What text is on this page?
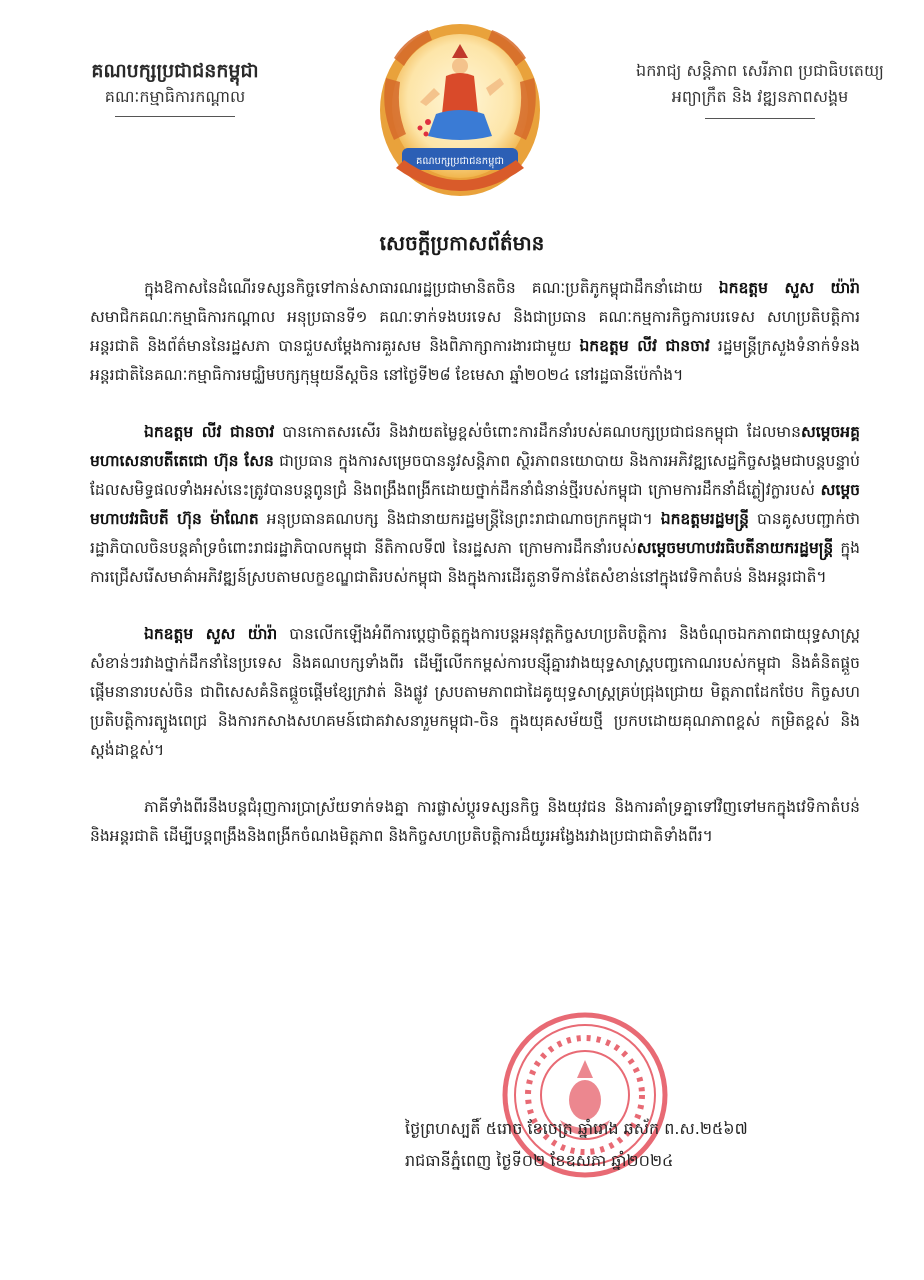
គណបក្សប្រជាជនកម្ពុជា
គណៈកម្មាធិការកណ្ដាល
គណបក្សប្រជាជនកម្ពុជា
ឯករាជ្យ សន្តិភាព សេរីភាព ប្រជាធិបតេយ្យ
អព្យាក្រឹត និង វឌ្ឍនភាពសង្គម
សេចក្តីប្រកាសព័ត៌មាន

ក្នុងឱកាសនៃដំណើរទស្សនកិច្ចទៅកាន់សាធារណរដ្ឋប្រជាមានិតចិន គណៈប្រតិភូកម្ពុជាដឹកនាំដោយ ឯកឧត្តម សួស យ៉ារ៉ា សមាជិកគណៈកម្មាធិការកណ្តាល អនុប្រធានទី១ គណៈទាក់ទងបរទេស និងជាប្រធាន គណៈកម្មការកិច្ចការបរទេស សហប្រតិបត្តិការអន្តរជាតិ និងព័ត៌មាននៃរដ្ឋសភា បានជួបសម្តែងការគួរសម និងពិភាក្សាការងារជាមួយ ឯកឧត្តម លីវ ជានចាវ រដ្ឋមន្ត្រីក្រសួងទំនាក់ទំនងអន្តរជាតិនៃគណៈកម្មាធិការមជ្ឈិមបក្សកុម្មុយនីស្តចិន នៅថ្ងៃទី២៨ ខែមេសា ឆ្នាំ២០២៤ នៅរដ្ឋធានីប៉េកាំង។

ឯកឧត្តម លីវ ជានចាវ បានកោតសរសើរ និងវាយតម្លៃខ្ពស់ចំពោះការដឹកនាំរបស់គណបក្សប្រជាជនកម្ពុជា ដែលមានសម្តេចអគ្គមហាសេនាបតីតេជោ ហ៊ុន សែន ជាប្រធាន ក្នុងការសម្រេចបាននូវសន្តិភាព ស្ថិរភាពនយោបាយ និងការអភិវឌ្ឍសេដ្ឋកិច្ចសង្គមជាបន្តបន្ទាប់ ដែលសមិទ្ធផលទាំងអស់នេះត្រូវបានបន្តពូនជ្រំ និងពង្រឹងពង្រីកដោយថ្នាក់ដឹកនាំជំនាន់ថ្មីរបស់កម្ពុជា ក្រោមការដឹកនាំដ៏ភ្លៀវក្លារបស់ សម្តេចមហាបវរធិបតី ហ៊ុន ម៉ាណែត អនុប្រធានគណបក្ស និងជានាយករដ្ឋមន្ត្រីនៃព្រះរាជាណាចក្រកម្ពុជា។ ឯកឧត្តមរដ្ឋមន្ត្រី បានគូសបញ្ជាក់ថា រដ្ឋាភិបាលចិនបន្តគាំទ្រចំពោះរាជរដ្ឋាភិបាលកម្ពុជា នីតិកាលទី៧ នៃរដ្ឋសភា ក្រោមការដឹកនាំរបស់សម្តេចមហាបវរធិបតីនាយករដ្ឋមន្ត្រី ក្នុងការជ្រើសរើសមាគ៌ាអភិវឌ្ឍន៍ស្របតាមលក្ខខណ្ឌជាតិរបស់កម្ពុជា និងក្នុងការដើរតួនាទីកាន់តែសំខាន់នៅក្នុងវេទិកាតំបន់ និងអន្តរជាតិ។

ឯកឧត្តម សួស យ៉ារ៉ា បានលើកឡើងអំពីការប្តេជ្ញាចិត្តក្នុងការបន្តអនុវត្តកិច្ចសហប្រតិបត្តិការ និងចំណុចឯកភាពជាយុទ្ធសាស្ត្រសំខាន់ៗរវាងថ្នាក់ដឹកនាំនៃប្រទេស និងគណបក្សទាំងពីរ ដើម្បីលើកកម្ពស់ការបន្សុីគ្នារវាងយុទ្ធសាស្ត្របញ្ចកោណរបស់កម្ពុជា និងគំនិតផ្តួចផ្តើមនានារបស់ចិន ជាពិសេសគំនិតផ្តួចផ្តើមខ្សែក្រវាត់ និងផ្លូវ ស្របតាមភាពជាដៃគូយុទ្ធសាស្ត្រគ្រប់ជ្រុងជ្រោយ មិត្តភាពដែកថែប កិច្ចសហប្រតិបត្តិការត្បូងពេជ្រ និងការកសាងសហគមន៍ជោគវាសនារួមកម្ពុជា-ចិន ក្នុងយុគសម័យថ្មី ប្រកបដោយគុណភាពខ្ពស់ កម្រិតខ្ពស់ និងស្តង់ដាខ្ពស់។

ភាគីទាំងពីរនឹងបន្តជំរុញការប្រាស្រ័យទាក់ទងគ្នា ការផ្លាស់ប្តូរទស្សនកិច្ច និងយុវជន និងការគាំទ្រគ្នាទៅវិញទៅមកក្នុងវេទិកាតំបន់ និងអន្តរជាតិ ដើម្បីបន្តពង្រឹងនិងពង្រីកចំណងមិត្តភាព និងកិច្ចសហប្រតិបត្តិការដ៏យូរអង្វែងរវាងប្រជាជាតិទាំងពីរ។

ថ្ងៃព្រហស្បតិ៍ ៥រោច ខែចេត្រ ឆ្នាំរោង ឆស័ក ព.ស.២៥៦៧
រាជធានីភ្នំពេញ ថ្ងៃទី០២ ខែឧសភា ឆ្នាំ២០២៤
